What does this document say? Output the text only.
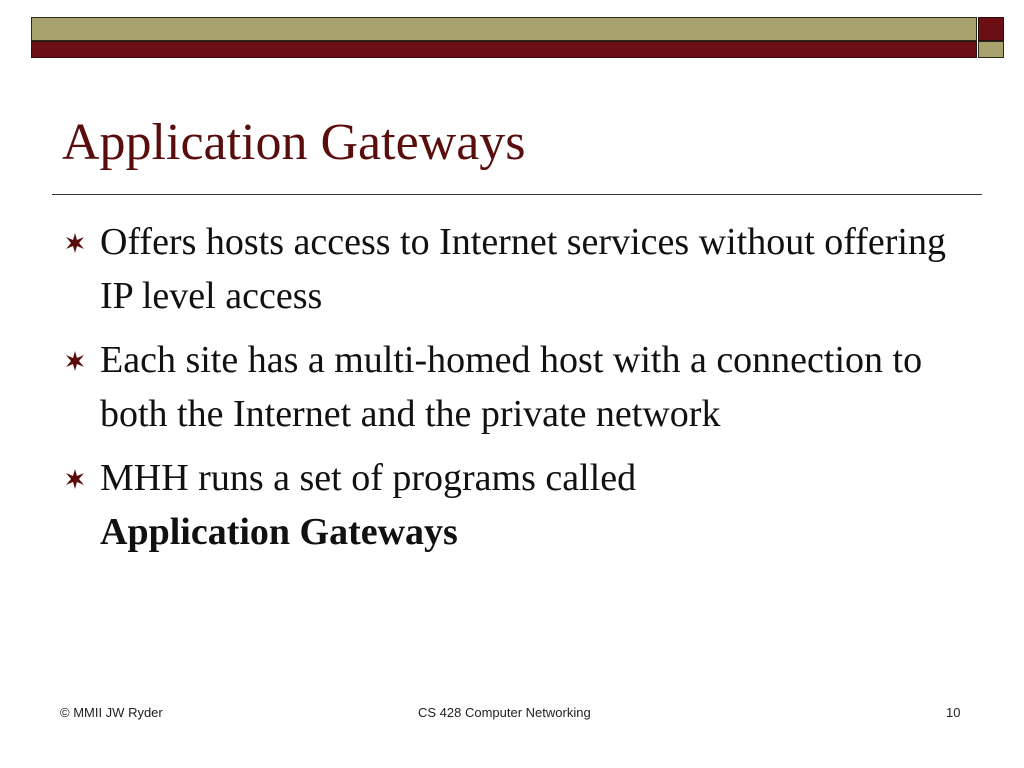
Application Gateways
Offers hosts access to Internet services without offering IP level access
Each site has a multi-homed host with a connection to both the Internet and the private network
MHH runs a set of programs called
Application Gateways
© MMII JW Ryder	CS 428 Computer Networking	10
